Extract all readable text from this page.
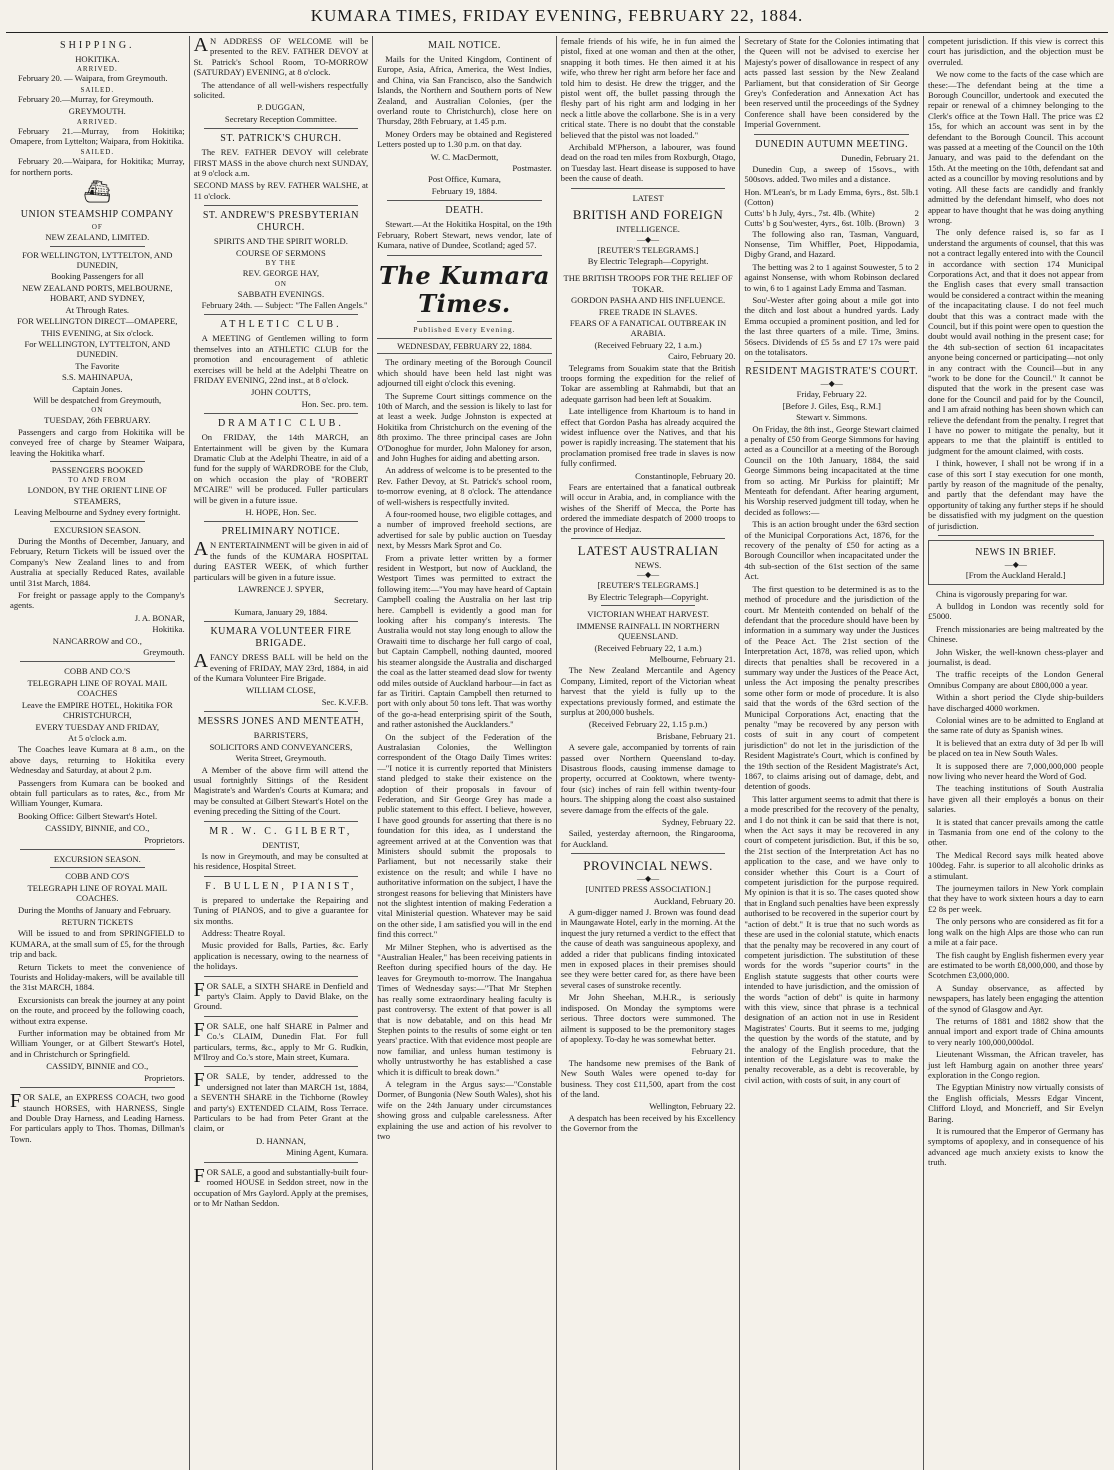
KUMARA TIMES, FRIDAY EVENING, FEBRUARY 22, 1884.
SHIPPING.
HOKITIKA.
ARRIVED.

February 20. — Waipara, from Greymouth.

SAILED.

February 20.—Murray, for Greymouth.

GREYMOUTH.
ARRIVED.

February 21.—Murray, from Hokitika; Omapere, from Lyttelton; Waipara, from Hokitika.

SAILED.

February 20.—Waipara, for Hokitika; Murray, for northern ports.

⛴
UNION STEAMSHIP COMPANY
OF
NEW ZEALAND, LIMITED.
FOR WELLINGTON, LYTTELTON, AND DUNEDIN,
Booking Passengers for all
NEW ZEALAND PORTS, MELBOURNE, HOBART, AND SYDNEY,
At Through Rates.
FOR WELLINGTON DIRECT—OMAPERE,
THIS EVENING, at Six o'clock.
For WELLINGTON, LYTTELTON, AND DUNEDIN.
The Favorite
S.S. MAHINAPUA,
Captain Jones.
Will be despatched from Greymouth,
ON
TUESDAY, 26th FEBRUARY.

Passengers and cargo from Hokitika will be conveyed free of charge by Steamer Waipara, leaving the Hokitika wharf.

PASSENGERS BOOKED
TO AND FROM
LONDON, BY THE ORIENT LINE OF STEAMERS,
Leaving Melbourne and Sydney every fortnight.
EXCURSION SEASON.

During the Months of December, January, and February, Return Tickets will be issued over the Company's New Zealand lines to and from Australia at specially Reduced Rates, available until 31st March, 1884.

For freight or passage apply to the Company's agents.

J. A. BONAR,
Hokitika.
NANCARROW and CO.,
Greymouth.
COBB AND CO.'S
TELEGRAPH LINE OF ROYAL MAIL COACHES
Leave the EMPIRE HOTEL, Hokitika FOR CHRISTCHURCH,
EVERY TUESDAY AND FRIDAY,
At 5 o'clock a.m.

The Coaches leave Kumara at 8 a.m., on the above days, returning to Hokitika every Wednesday and Saturday, at about 2 p.m.

Passengers from Kumara can be booked and obtain full particulars as to rates, &c., from Mr William Younger, Kumara.

Booking Office: Gilbert Stewart's Hotel.

CASSIDY, BINNIE, and CO.,
Proprietors.
EXCURSION SEASON.
COBB AND CO'S
TELEGRAPH LINE OF ROYAL MAIL COACHES.

During the Months of January and February.

RETURN TICKETS

Will be issued to and from SPRINGFIELD to KUMARA, at the small sum of £5, for the through trip and back.

Return Tickets to meet the convenience of Tourists and Holiday-makers, will be available till the 31st MARCH, 1884.

Excursionists can break the journey at any point on the route, and proceed by the following coach, without extra expense.

Further information may be obtained from Mr William Younger, or at Gilbert Stewart's Hotel, and in Christchurch or Springfield.

CASSIDY, BINNIE and CO.,
Proprietors.

FOR SALE, an EXPRESS COACH, two good staunch HORSES, with HARNESS, Single and Double Dray Harness, and Leading Harness. For particulars apply to Thos. Thomas, Dillman's Town.

AN ADDRESS OF WELCOME will be presented to the REV. FATHER DEVOY at St. Patrick's School Room, TO-MORROW (SATURDAY) EVENING, at 8 o'clock.

The attendance of all well-wishers respectfully solicited.

P. DUGGAN,
Secretary Reception Committee.
ST. PATRICK'S CHURCH.

The REV. FATHER DEVOY will celebrate FIRST MASS in the above church next SUNDAY, at 9 o'clock a.m.

SECOND MASS by REV. FATHER WALSHE, at 11 o'clock.

ST. ANDREW'S PRESBYTERIAN CHURCH.
SPIRITS AND THE SPIRIT WORLD.
COURSE OF SERMONS
BY THE
REV. GEORGE HAY,
ON
SABBATH EVENINGS.

February 24th. — Subject: "The Fallen Angels."

ATHLETIC CLUB.

A MEETING of Gentlemen willing to form themselves into an ATHLETIC CLUB for the promotion and encouragement of athletic exercises will be held at the Adelphi Theatre on FRIDAY EVENING, 22nd inst., at 8 o'clock.

JOHN COUTTS,
Hon. Sec. pro. tem.
DRAMATIC CLUB.

On FRIDAY, the 14th MARCH, an Entertainment will be given by the Kumara Dramatic Club at the Adelphi Theatre, in aid of a fund for the supply of WARDROBE for the Club, on which occasion the play of "ROBERT M'CAIRE" will be produced. Fuller particulars will be given in a future issue.

H. HOPE, Hon. Sec.
PRELIMINARY NOTICE.

AN ENTERTAINMENT will be given in aid of the funds of the KUMARA HOSPITAL during EASTER WEEK, of which further particulars will be given in a future issue.

LAWRENCE J. SPYER,
Secretary.
Kumara, January 29, 1884.
KUMARA VOLUNTEER FIRE BRIGADE.

AFANCY DRESS BALL will be held on the evening of FRIDAY, MAY 23rd, 1884, in aid of the Kumara Volunteer Fire Brigade.

WILLIAM CLOSE,
Sec. K.V.F.B.
MESSRS JONES AND MENTEATH,
BARRISTERS,
SOLICITORS AND CONVEYANCERS,
Werita Street, Greymouth.

A Member of the above firm will attend the usual fortnightly Sittings of the Resident Magistrate's and Warden's Courts at Kumara; and may be consulted at Gilbert Stewart's Hotel on the evening preceding the Sitting of the Court.

MR. W. C. GILBERT,
DENTIST,

Is now in Greymouth, and may be consulted at his residence, Hospital Street.

F. BULLEN, PIANIST,

is prepared to undertake the Repairing and Tuning of PIANOS, and to give a guarantee for six months.

Address: Theatre Royal.

Music provided for Balls, Parties, &c. Early application is necessary, owing to the nearness of the holidays.

FOR SALE, a SIXTH SHARE in Denfield and party's Claim. Apply to David Blake, on the Ground.

FOR SALE, one half SHARE in Palmer and Co.'s CLAIM, Dunedin Flat. For full particulars, terms, &c., apply to Mr G. Rudkin, M'Ilroy and Co.'s store, Main street, Kumara.

FOR SALE, by tender, addressed to the undersigned not later than MARCH 1st, 1884, a SEVENTH SHARE in the Tichborne (Rowley and party's) EXTENDED CLAIM, Ross Terrace. Particulars to be had from Peter Grant at the claim, or

D. HANNAN,
Mining Agent, Kumara.

FOR SALE, a good and substantially-built four-roomed HOUSE in Seddon street, now in the occupation of Mrs Gaylord. Apply at the premises, or to Mr Nathan Seddon.

MAIL NOTICE.

Mails for the United Kingdom, Continent of Europe, Asia, Africa, America, the West Indies, and China, via San Francisco, also the Sandwich Islands, the Northern and Southern ports of New Zealand, and Australian Colonies, (per the overland route to Christchurch), close here on Thursday, 28th February, at 1.45 p.m.

Money Orders may be obtained and Registered Letters posted up to 1.30 p.m. on that day.

W. C. MacDermott,
Postmaster.
Post Office, Kumara,
February 19, 1884.
DEATH.

Stewart.—At the Hokitika Hospital, on the 19th February, Robert Stewart, news vendor, late of Kumara, native of Dundee, Scotland; aged 57.

The Kumara Times.
Published Every Evening.
WEDNESDAY, FEBRUARY 22, 1884.

The ordinary meeting of the Borough Council which should have been held last night was adjourned till eight o'clock this evening.

The Supreme Court sittings commence on the 10th of March, and the session is likely to last for at least a week. Judge Johnston is expected at Hokitika from Christchurch on the evening of the 8th proximo. The three principal cases are John O'Donoghue for murder, John Maloney for arson, and John Hughes for aiding and abetting arson.

An address of welcome is to be presented to the Rev. Father Devoy, at St. Patrick's school room, to-morrow evening, at 8 o'clock. The attendance of well-wishers is respectfully invited.

A four-roomed house, two eligible cottages, and a number of improved freehold sections, are advertised for sale by public auction on Tuesday next, by Messrs Mark Sprot and Co.

From a private letter written by a former resident in Westport, but now of Auckland, the Westport Times was permitted to extract the following item:—"You may have heard of Captain Campbell coaling the Australia on her last trip here. Campbell is evidently a good man for looking after his company's interests. The Australia would not stay long enough to allow the Orawaiti time to discharge her full cargo of coal, but Captain Campbell, nothing daunted, moored his steamer alongside the Australia and discharged the coal as the latter steamed dead slow for twenty odd miles outside of Auckland harbour—in fact as far as Tiritiri. Captain Campbell then returned to port with only about 50 tons left. That was worthy of the go-a-head enterprising spirit of the South, and rather astonished the Aucklanders."

On the subject of the Federation of the Australasian Colonies, the Wellington correspondent of the Otago Daily Times writes:—"I notice it is currently reported that Ministers stand pledged to stake their existence on the adoption of their proposals in favour of Federation, and Sir George Grey has made a public statement to this effect. I believe, however, I have good grounds for asserting that there is no foundation for this idea, as I understand the agreement arrived at at the Convention was that Ministers should submit the proposals to Parliament, but not necessarily stake their existence on the result; and while I have no authoritative information on the subject, I have the strongest reasons for believing that Ministers have not the slightest intention of making Federation a vital Ministerial question. Whatever may be said on the other side, I am satisfied you will in the end find this correct."

Mr Milner Stephen, who is advertised as the "Australian Healer," has been receiving patients in Reefton during specified hours of the day. He leaves for Greymouth to-morrow. The Inangahua Times of Wednesday says:—"That Mr Stephen has really some extraordinary healing faculty is past controversy. The extent of that power is all that is now debatable, and on this head Mr Stephen points to the results of some eight or ten years' practice. With that evidence most people are now familiar, and unless human testimony is wholly untrustworthy he has established a case which it is difficult to break down."

A telegram in the Argus says:—"Constable Dormer, of Bungonia (New South Wales), shot his wife on the 24th January under circumstances showing gross and culpable carelessness. After explaining the use and action of his revolver to two

female friends of his wife, he in fun aimed the pistol, fixed at one woman and then at the other, snapping it both times. He then aimed it at his wife, who threw her right arm before her face and told him to desist. He drew the trigger, and the pistol went off, the bullet passing through the fleshy part of his right arm and lodging in her neck a little above the collarbone. She is in a very critical state. There is no doubt that the constable believed that the pistol was not loaded."

Archibald M'Pherson, a labourer, was found dead on the road ten miles from Roxburgh, Otago, on Tuesday last. Heart disease is supposed to have been the cause of death.

LATEST
BRITISH AND FOREIGN
INTELLIGENCE.
—◆—
[REUTER'S TELEGRAMS.]
By Electric Telegraph—Copyright.
THE BRITISH TROOPS FOR THE RELIEF OF TOKAR.
GORDON PASHA AND HIS INFLUENCE.
FREE TRADE IN SLAVES.
FEARS OF A FANATICAL OUTBREAK IN ARABIA.
(Received February 22, 1 a.m.)
Cairo, February 20.

Telegrams from Souakim state that the British troops forming the expedition for the relief of Tokar are assembling at Rahmabdi, but that an adequate garrison had been left at Souakim.

Late intelligence from Khartoum is to hand in effect that Gordon Pasha has already acquired the widest influence over the Natives, and that his power is rapidly increasing. The statement that his proclamation promised free trade in slaves is now fully confirmed.

Constantinople, February 20.

Fears are entertained that a fanatical outbreak will occur in Arabia, and, in compliance with the wishes of the Sheriff of Mecca, the Porte has ordered the immediate despatch of 2000 troops to the province of Hedjaz.

LATEST AUSTRALIAN
NEWS.
—◆—
[REUTER'S TELEGRAMS.]
By Electric Telegraph—Copyright.
VICTORIAN WHEAT HARVEST.
IMMENSE RAINFALL IN NORTHERN QUEENSLAND.
(Received February 22, 1 a.m.)
Melbourne, February 21.

The New Zealand Mercantile and Agency Company, Limited, report of the Victorian wheat harvest that the yield is fully up to the expectations previously formed, and estimate the surplus at 200,000 bushels.

(Received February 22, 1.15 p.m.)
Brisbane, February 21.

A severe gale, accompanied by torrents of rain passed over Northern Queensland to-day. Disastrous floods, causing immense damage to property, occurred at Cooktown, where twenty-four (sic) inches of rain fell within twenty-four hours. The shipping along the coast also sustained severe damage from the effects of the gale.

Sydney, February 22.

Sailed, yesterday afternoon, the Ringarooma, for Auckland.

PROVINCIAL NEWS.
—◆—
[UNITED PRESS ASSOCIATION.]
Auckland, February 20.

A gum-digger named J. Brown was found dead in Maungawate Hotel, early in the morning. At the inquest the jury returned a verdict to the effect that the cause of death was sanguineous apoplexy, and added a rider that publicans finding intoxicated men in exposed places in their premises should see they were better cared for, as there have been several cases of sunstroke recently.

Mr John Sheehan, M.H.R., is seriously indisposed. On Monday the symptoms were serious. Three doctors were summoned. The ailment is supposed to be the premonitory stages of apoplexy. To-day he was somewhat better.

February 21.

The handsome new premises of the Bank of New South Wales were opened to-day for business. They cost £11,500, apart from the cost of the land.

Wellington, February 22.

A despatch has been received by his Excellency the Governor from the

Secretary of State for the Colonies intimating that the Queen will not be advised to exercise her Majesty's power of disallowance in respect of any acts passed last session by the New Zealand Parliament, but that consideration of Sir George Grey's Confederation and Annexation Act has been reserved until the proceedings of the Sydney Conference shall have been considered by the Imperial Government.

DUNEDIN AUTUMN MEETING.
Dunedin, February 21.

Dunedin Cup, a sweep of 15sovs., with 500sovs. added. Two miles and a distance.

Hon. M'Lean's, br m Lady Emma, 6yrs., 8st. 5lb. (Cotton)
1
Cutts' b h July, 4yrs., 7st. 4lb. (White)	2
Cutts' b g Sou'wester, 4yrs., 6st. 10lb. (Brown) 3

The following also ran, Tasman, Vanguard, Nonsense, Tim Whiffler, Poet, Hippodamia, Digby Grand, and Hazard.

The betting was 2 to 1 against Souwester, 5 to 2 against Nonsense, with whom Robinson declared to win, 6 to 1 against Lady Emma and Tasman.

Sou'-Wester after going about a mile got into the ditch and lost about a hundred yards. Lady Emma occupied a prominent position, and led for the last three quarters of a mile. Time, 3mins. 56secs. Dividends of £5 5s and £7 17s were paid on the totalisators.

RESIDENT MAGISTRATE'S COURT.
—◆—
Friday, February 22.
[Before J. Giles, Esq., R.M.]
Stewart v. Simmons.

On Friday, the 8th inst., George Stewart claimed a penalty of £50 from George Simmons for having acted as a Councillor at a meeting of the Borough Council on the 10th January, 1884, the said George Simmons being incapacitated at the time from so acting. Mr Purkiss for plaintiff; Mr Menteath for defendant. After hearing argument, his Worship reserved judgment till today, when he decided as follows:—

This is an action brought under the 63rd section of the Municipal Corporations Act, 1876, for the recovery of the penalty of £50 for acting as a Borough Councillor when incapacitated under the 4th sub-section of the 61st section of the same Act.

The first question to be determined is as to the method of procedure and the jurisdiction of the court. Mr Menteith contended on behalf of the defendant that the procedure should have been by information in a summary way under the Justices of the Peace Act. The 21st section of the Interpretation Act, 1878, was relied upon, which directs that penalties shall be recovered in a summary way under the Justices of the Peace Act, unless the Act imposing the penalty prescribes some other form or mode of procedure. It is also said that the words of the 63rd section of the Municipal Corporations Act, enacting that the penalty "may be recovered by any person with costs of suit in any court of competent jurisdiction" do not let in the jurisdiction of the Resident Magistrate's Court, which is confined by the 19th section of the Resident Magistrate's Act, 1867, to claims arising out of damage, debt, and detention of goods.

This latter argument seems to admit that there is a mode prescribed for the recovery of the penalty, and I do not think it can be said that there is not, when the Act says it may be recovered in any court of competent jurisdiction. But, if this be so, the 21st section of the Interpretation Act has no application to the case, and we have only to consider whether this Court is a Court of competent jurisdiction for the purpose required. My opinion is that it is so. The cases quoted show that in England such penalties have been expressly authorised to be recovered in the superior court by "action of debt." It is true that no such words as these are used in the colonial statute, which enacts that the penalty may be recovered in any court of competent jurisdiction. The substitution of these words for the words "superior courts" in the English statute suggests that other courts were intended to have jurisdiction, and the omission of the words "action of debt" is quite in harmony with this view, since that phrase is a technical designation of an action not in use in Resident Magistrates' Courts. But it seems to me, judging the question by the words of the statute, and by the analogy of the English procedure, that the intention of the Legislature was to make the penalty recoverable, as a debt is recoverable, by civil action, with costs of suit, in any court of

competent jurisdiction. If this view is correct this court has jurisdiction, and the objection must be overruled.

We now come to the facts of the case which are these:—The defendant being at the time a Borough Councillor, undertook and executed the repair or renewal of a chimney belonging to the Clerk's office at the Town Hall. The price was £2 15s, for which an account was sent in by the defendant to the Borough Council. This account was passed at a meeting of the Council on the 10th January, and was paid to the defendant on the 15th. At the meeting on the 10th, defendant sat and acted as a councillor by moving resolutions and by voting. All these facts are candidly and frankly admitted by the defendant himself, who does not appear to have thought that he was doing anything wrong.

The only defence raised is, so far as I understand the arguments of counsel, that this was not a contract legally entered into with the Council in accordance with section 174 Municipal Corporations Act, and that it does not appear from the English cases that every small transaction would be considered a contract within the meaning of the incapacitating clause. I do not feel much doubt that this was a contract made with the Council, but if this point were open to question the doubt would avail nothing in the present case; for the 4th sub-section of section 61 incapacitates anyone being concerned or participating—not only in any contract with the Council—but in any "work to be done for the Council." It cannot be disputed that the work in the present case was done for the Council and paid for by the Council, and I am afraid nothing has been shown which can relieve the defendant from the penalty. I regret that I have no power to mitigate the penalty, but it appears to me that the plaintiff is entitled to judgment for the amount claimed, with costs.

I think, however, I shall not be wrong if in a case of this sort I stay execution for one month, partly by reason of the magnitude of the penalty, and partly that the defendant may have the opportunity of taking any further steps if he should be dissatisfied with my judgment on the question of jurisdiction.

NEWS IN BRIEF.
—◆—
[From the Auckland Herald.]

China is vigorously preparing for war.

A bulldog in London was recently sold for £5000.

French missionaries are being maltreated by the Chinese.

John Wisker, the well-known chess-player and journalist, is dead.

The traffic receipts of the London General Omnibus Company are about £800,000 a year.

Within a short period the Clyde ship-builders have discharged 4000 workmen.

Colonial wines are to be admitted to England at the same rate of duty as Spanish wines.

It is believed that an extra duty of 3d per lb will be placed on tea in New South Wales.

It is supposed there are 7,000,000,000 people now living who never heard the Word of God.

The teaching institutions of South Australia have given all their employés a bonus on their salaries.

It is stated that cancer prevails among the cattle in Tasmania from one end of the colony to the other.

The Medical Record says milk heated above 100deg. Fahr. is superior to all alcoholic drinks as a stimulant.

The journeymen tailors in New York complain that they have to work sixteen hours a day to earn £2 8s per week.

The only persons who are considered as fit for a long walk on the high Alps are those who can run a mile at a fair pace.

The fish caught by English fishermen every year are estimated to be worth £8,000,000, and those by Scotchmen £3,000,000.

A Sunday observance, as affected by newspapers, has lately been engaging the attention of the synod of Glasgow and Ayr.

The returns of 1881 and 1882 show that the annual import and export trade of China amounts to very nearly 100,000,000dol.

Lieutenant Wissman, the African traveler, has just left Hamburg again on another three years' exploration in the Congo region.

The Egyptian Ministry now virtually consists of the English officials, Messrs Edgar Vincent, Clifford Lloyd, and Moncrieff, and Sir Evelyn Baring.

It is rumoured that the Emperor of Germany has symptoms of apoplexy, and in consequence of his advanced age much anxiety exists to know the truth.
